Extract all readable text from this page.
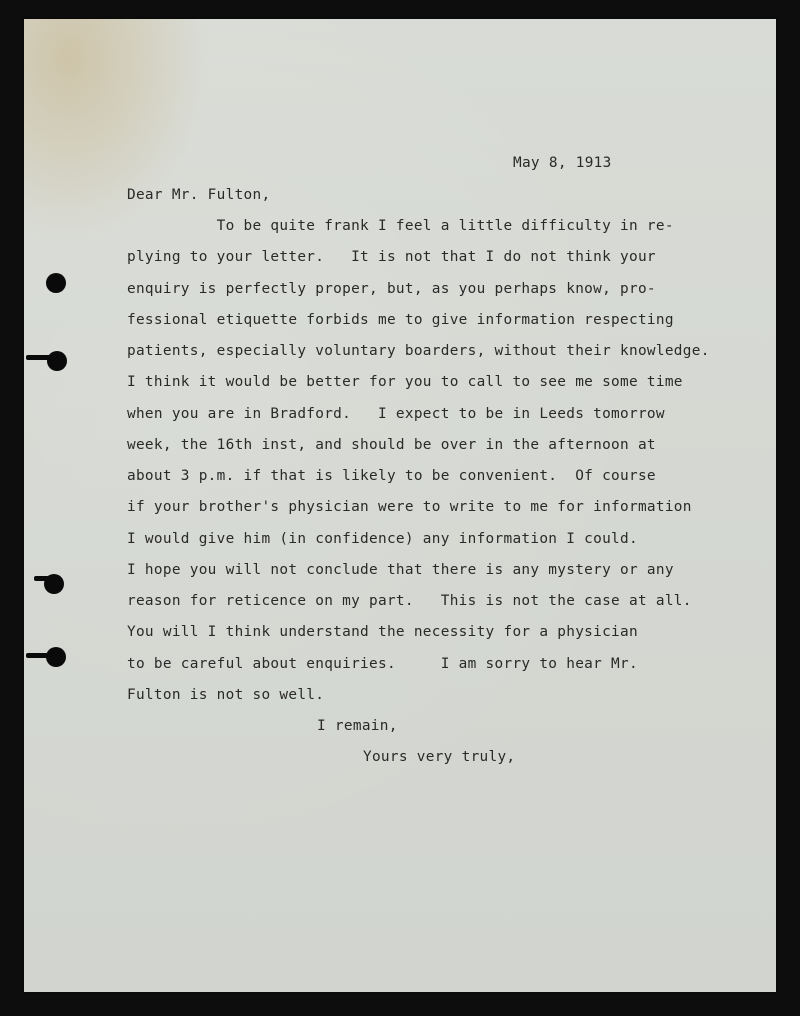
May 8, 1913

Dear Mr. Fulton,

To be quite frank I feel a little difficulty in re-

plying to your letter.   It is not that I do not think your

enquiry is perfectly proper, but, as you perhaps know, pro-

fessional etiquette forbids me to give information respecting

patients, especially voluntary boarders, without their knowledge.

I think it would be better for you to call to see me some time

when you are in Bradford.   I expect to be in Leeds tomorrow

week, the 16th inst, and should be over in the afternoon at

about 3 p.m. if that is likely to be convenient.  Of course

if your brother's physician were to write to me for information

I would give him (in confidence) any information I could.

I hope you will not conclude that there is any mystery or any

reason for reticence on my part.   This is not the case at all.

You will I think understand the necessity for a physician

to be careful about enquiries.     I am sorry to hear Mr.

Fulton is not so well.

I remain,

Yours very truly,
